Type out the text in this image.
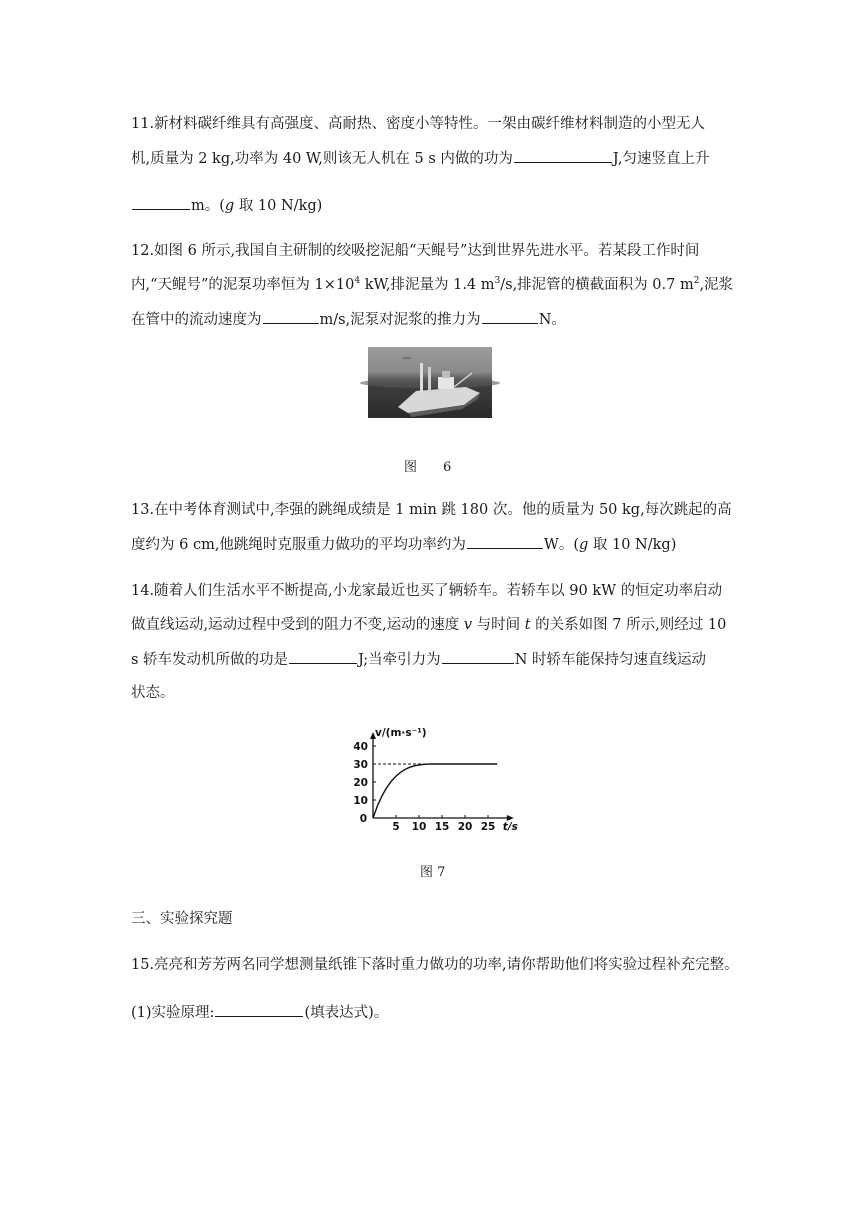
11.新材料碳纤维具有高强度、高耐热、密度小等特性。一架由碳纤维材料制造的小型无人
机,质量为 2 kg,功率为 40 W,则该无人机在 5 s 内做的功为	J,匀速竖直上升
m。(g 取 10 N/kg)
12.如图 6 所示,我国自主研制的绞吸挖泥船“天鲲号”达到世界先进水平。若某段工作时间
内,“天鲲号”的泥泵功率恒为 $1\times 10^4$ kW,排泥量为 1.4 $m^3/s$,排泥管的横截面积为 0.7 $m^2$,泥浆
在管中的流动速度为	m/s,泥泵对泥浆的推力为	N。
图　　6
13.在中考体育测试中,李强的跳绳成绩是 1 min 跳 180 次。他的质量为 50 kg,每次跳起的高
度约为 6 cm,他跳绳时克服重力做功的平均功率约为	W。(g 取 10 N/kg)
14.随着人们生活水平不断提高,小龙家最近也买了辆轿车。若轿车以 90 kW 的恒定功率启动
做直线运动,运动过程中受到的阻力不变,运动的速度 v 与时间 t 的关系如图 7 所示,则经过 10
s 轿车发动机所做的功是	J;当牵引力为	N 时轿车能保持匀速直线运动
状态。
0
10
20
30
40
5 10 15 20 25
v/(m·s⁻¹)
t/s
图 7
三、实验探究题
15.亮亮和芳芳两名同学想测量纸锥下落时重力做功的功率,请你帮助他们将实验过程补充完整。
(1)实验原理:	(填表达式)。
